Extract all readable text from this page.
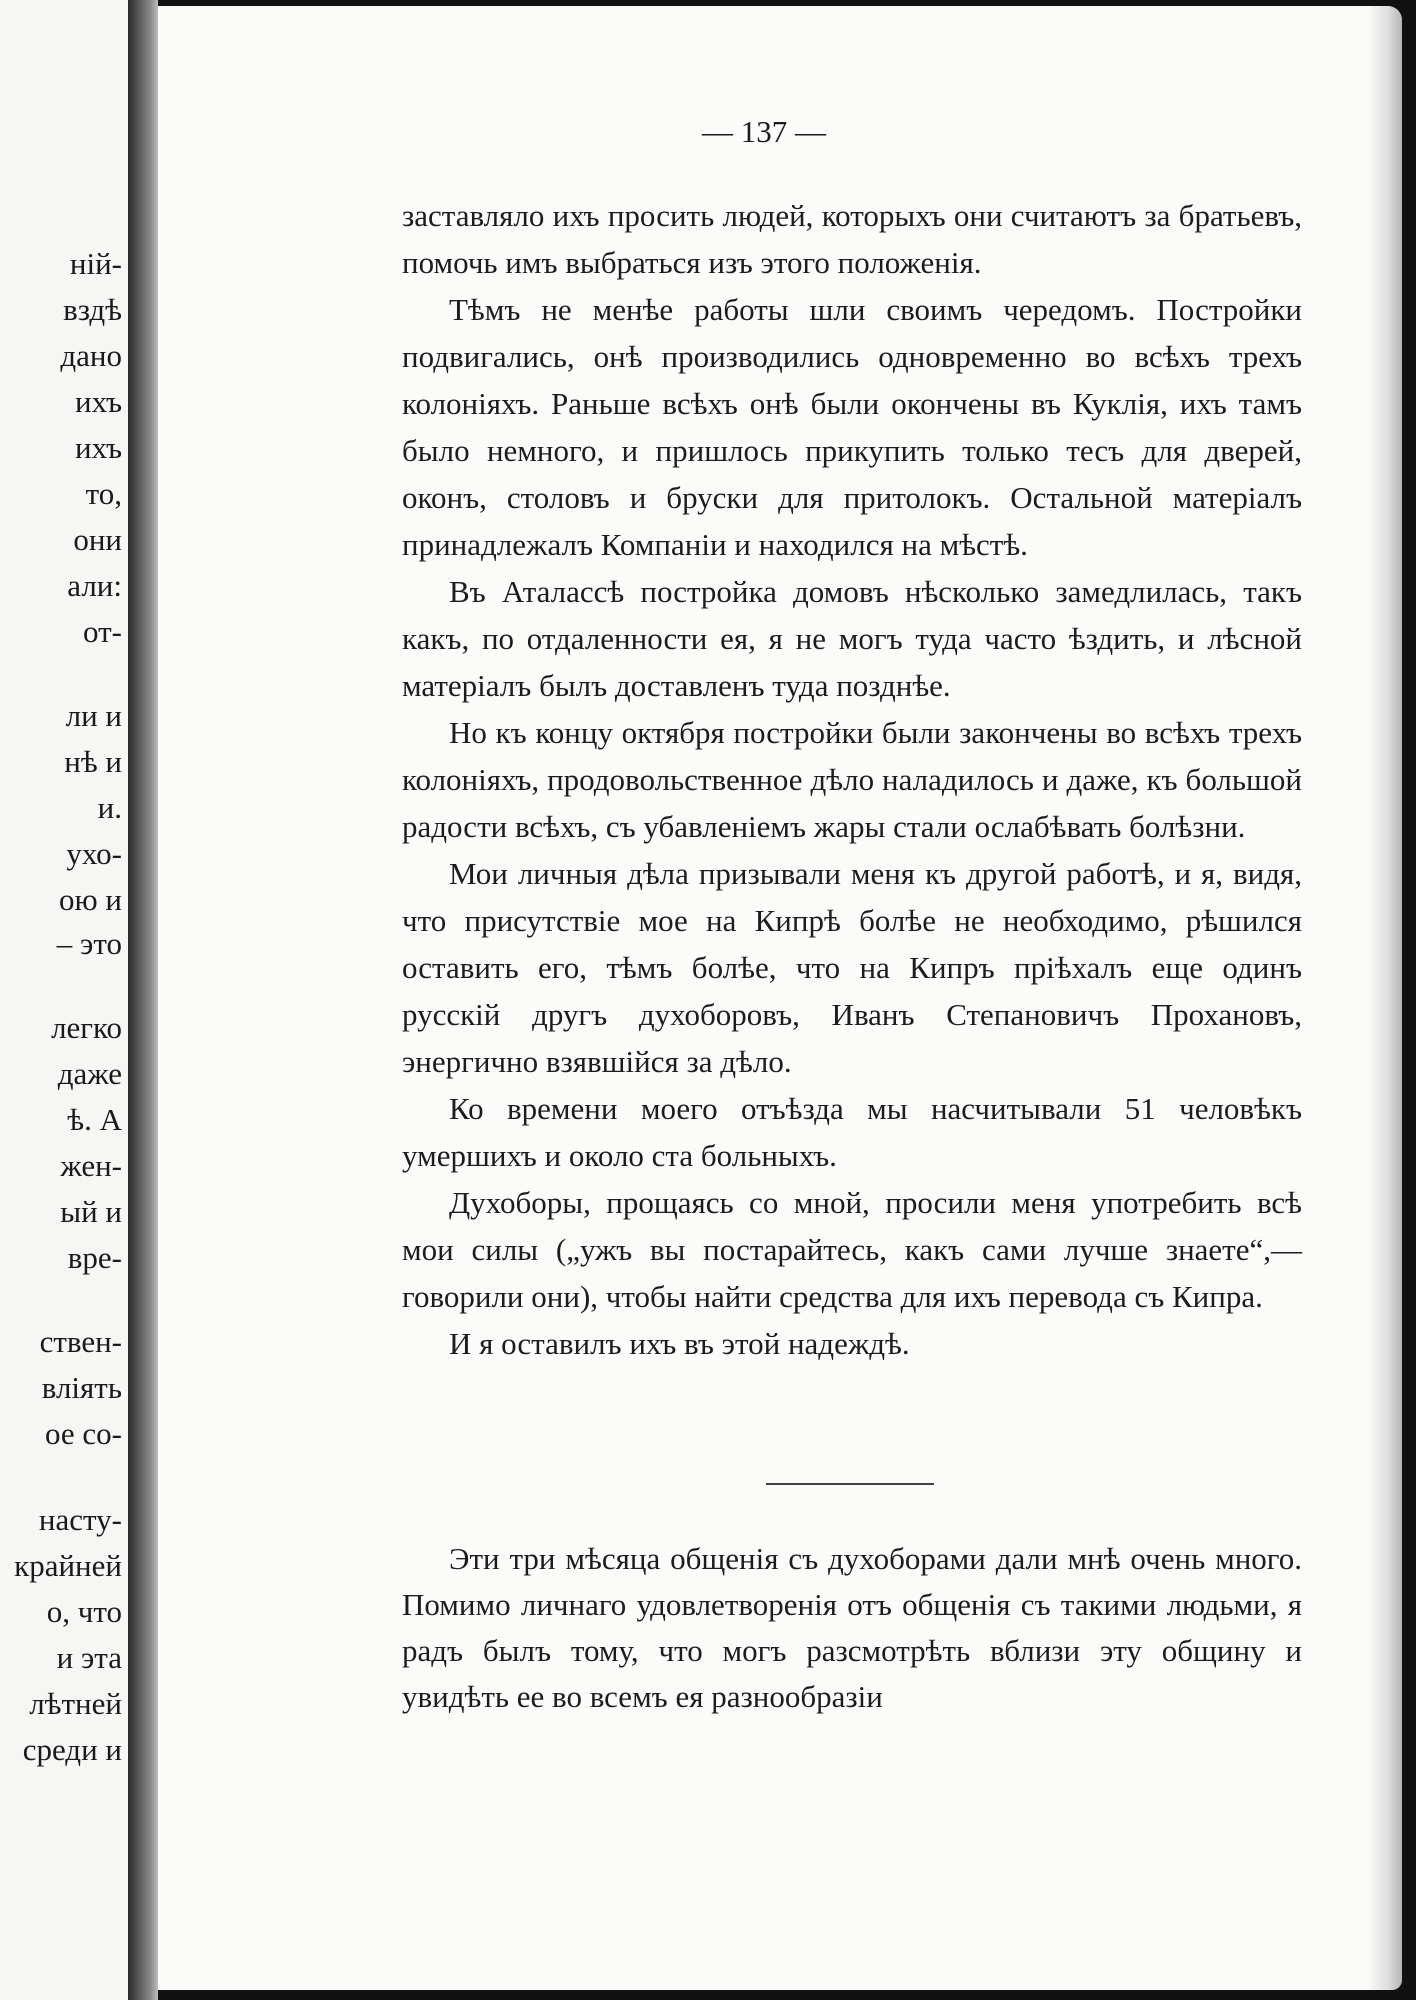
ній-
вздѣ
дано
ихъ
ихъ
то,
они
али:
от-
ли и
нѣ и
и.
ухо-
ою и
– это
легко
даже
ѣ. А
жен-
ый и
вре-
ствен-
вліять
ое со-
насту-
крайней
о, что
и эта
лѣтней
среди и
— 137 —

заставляло ихъ просить людей, которыхъ они считаютъ за братьевъ, помочь имъ выбраться изъ этого положенія.

Тѣмъ не менѣе работы шли своимъ чередомъ. Постройки подвигались, онѣ производились одновременно во всѣхъ трехъ колоніяхъ. Раньше всѣхъ онѣ были окончены въ Куклія, ихъ тамъ было немного, и пришлось прикупить только тесъ для дверей, оконъ, столовъ и бруски для притолокъ. Остальной матеріалъ принадлежалъ Компаніи и находился на мѣстѣ.

Въ Аталассѣ постройка домовъ нѣсколько замедлилась, такъ какъ, по отдаленности ея, я не могъ туда часто ѣздить, и лѣсной матеріалъ былъ доставленъ туда позднѣе.

Но къ концу октября постройки были закончены во всѣхъ трехъ колоніяхъ, продовольственное дѣло наладилось и даже, къ большой радости всѣхъ, съ убавленіемъ жары стали ослабѣвать болѣзни.

Мои личныя дѣла призывали меня къ другой работѣ, и я, видя, что присутствіе мое на Кипрѣ болѣе не необходимо, рѣшился оставить его, тѣмъ болѣе, что на Кипръ пріѣхалъ еще одинъ русскій другъ духоборовъ, Иванъ Степановичъ Прохановъ, энергично взявшійся за дѣло.

Ко времени моего отъѣзда мы насчитывали 51 человѣкъ умершихъ и около ста больныхъ.

Духоборы, прощаясь со мной, просили меня употребить всѣ мои силы („ужъ вы постарайтесь, какъ сами лучше знаете“,—говорили они), чтобы найти средства для ихъ перевода съ Кипра.

И я оставилъ ихъ въ этой надеждѣ.

Эти три мѣсяца общенія съ духоборами дали мнѣ очень много. Помимо личнаго удовлетворенія отъ общенія съ такими людьми, я радъ былъ тому, что могъ разсмотрѣть вблизи эту общину и увидѣть ее во всемъ ея разнообразіи
